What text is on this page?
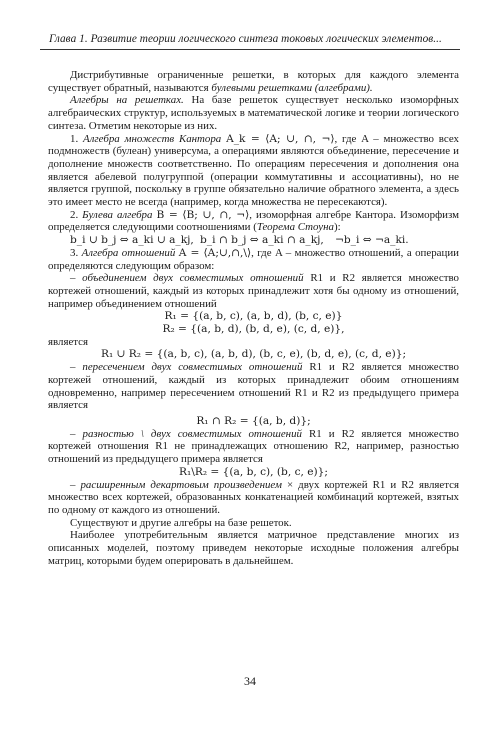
Глава 1. Развитие теории логического синтеза токовых логических элементов...

Дистрибутивные ограниченные решетки, в которых для каждого элемента существует обратный, называются булевыми решетками (алгебрами).

Алгебры на решетках. На базе решеток существует несколько изоморфных алгебраических структур, используемых в математической логике и теории логического синтеза. Отметим некоторые из них.

1. Алгебра множеств Кантора A_k = ⟨A; ∪, ∩, ¬⟩, где A – множество всех подмножеств (булеан) универсума, а операциями являются объединение, пересечение и дополнение множеств соответственно. По операциям пересечения и дополнения она является абелевой полугруппой (операции коммутативны и ассоциативны), но не является группой, поскольку в группе обязательно наличие обратного элемента, а здесь это имеет место не всегда (например, когда множества не пересекаются).

2. Булева алгебра B = ⟨B; ∪, ∩, ¬⟩, изоморфная алгебре Кантора. Изоморфизм определяется следующими соотношениями (Теорема Стоуна):

b_i ∪ b_j ⇔ a_ki ∪ a_kj, b_i ∩ b_j ⇔ a_ki ∩ a_kj,	¬b_i ⇔ ¬a_ki.

3. Алгебра отношений A = ⟨A;∪,∩,\⟩, где A – множество отношений, а операции определяются следующим образом:

– объединением двух совместимых отношений R1 и R2 является множество кортежей отношений, каждый из которых принадлежит хотя бы одному из отношений, например объединением отношений

R₁ = {(a, b, c), (a, b, d), (b, c, e)}

R₂ = {(a, b, d), (b, d, e), (c, d, e)},

является

R₁ ∪ R₂ = {(a, b, c), (a, b, d), (b, c, e), (b, d, e), (c, d, e)};

– пересечением двух совместимых отношений R1 и R2 является множество кортежей отношений, каждый из которых принадлежит обоим отношениям одновременно, например пересечением отношений R1 и R2 из предыдущего примера является

R₁ ∩ R₂ = {(a, b, d)};

– разностью \ двух совместимых отношений R1 и R2 является множество кортежей отношения R1 не принадлежащих отношению R2, например, разностью отношений из предыдущего примера является

R₁\R₂ = {(a, b, c), (b, c, e)};

– расширенным декартовым произведением × двух кортежей R1 и R2 является множество всех кортежей, образованных конкатенацией комбинаций кортежей, взятых по одному от каждого из отношений.

Существуют и другие алгебры на базе решеток.

Наиболее употребительным является матричное представление многих из описанных моделей, поэтому приведем некоторые исходные положения алгебры матриц, которыми будем оперировать в дальнейшем.

34
